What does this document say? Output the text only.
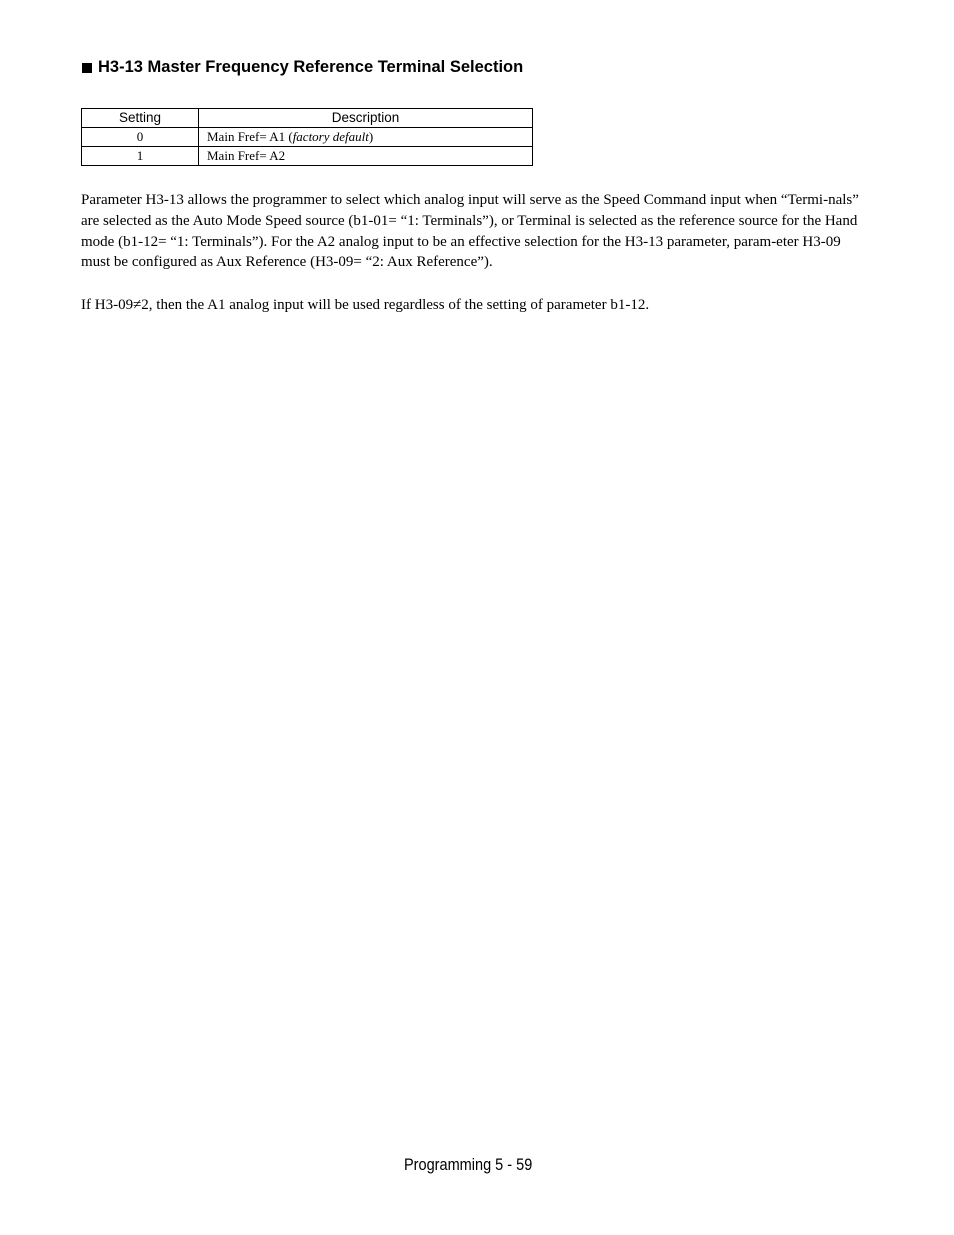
H3-13 Master Frequency Reference Terminal Selection
Setting	Description
0	Main Fref= A1 (factory default)
1	Main Fref= A2

Parameter H3-13 allows the programmer to select which analog input will serve as the Speed Command input when “Termi-nals” are selected as the Auto Mode Speed source (b1-01= “1: Terminals”), or Terminal is selected as the reference source for the Hand mode (b1-12= “1: Terminals”). For the A2 analog input to be an effective selection for the H3-13 parameter, param-eter H3-09 must be configured as Aux Reference (H3-09= “2: Aux Reference”).

If H3-09≠2, then the A1 analog input will be used regardless of the setting of parameter b1-12.

Programming 5 - 59
